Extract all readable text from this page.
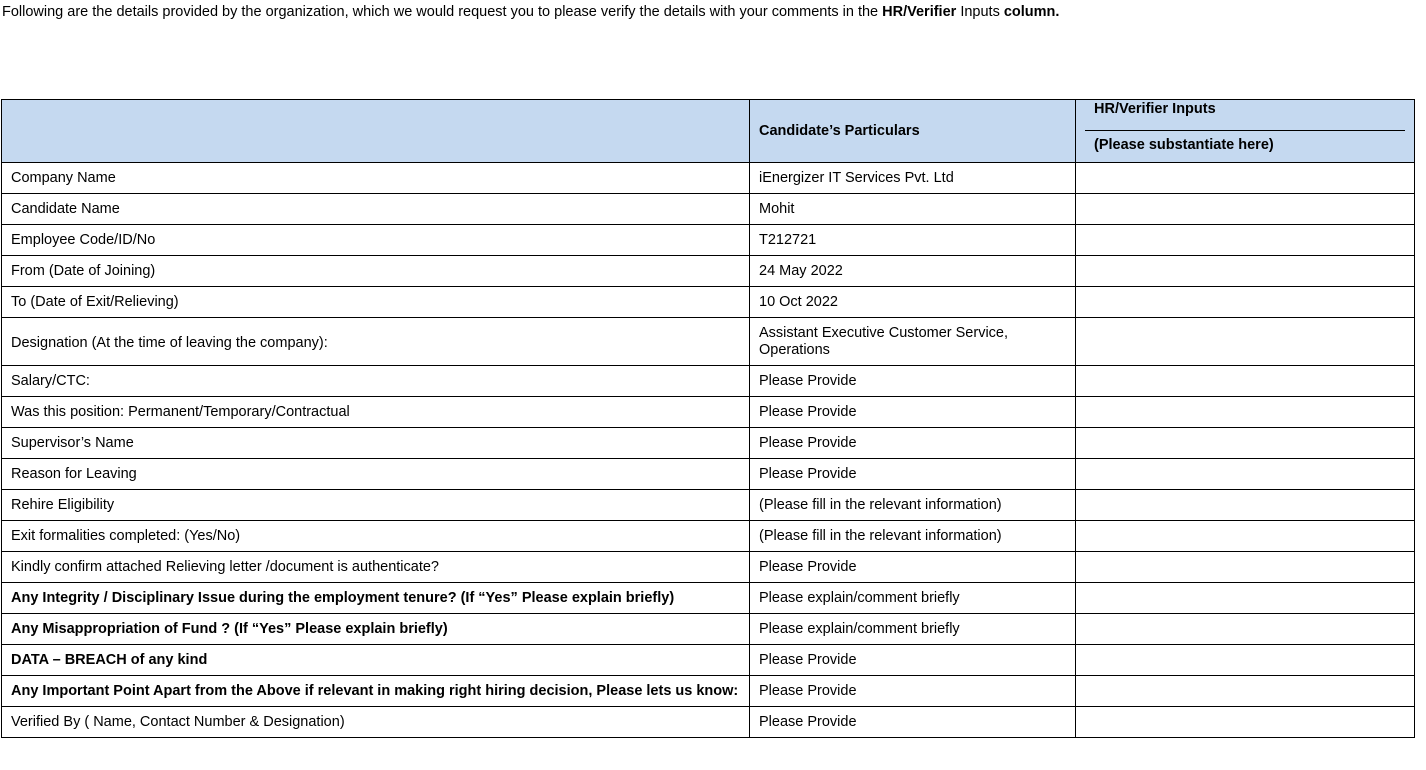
Following are the details provided by the organization, which we would request you to please verify the details with your comments in the HR/Verifier Inputs column.
	Candidate’s Particulars	HR/Verifier Inputs
(Please substantiate here)

Company Name	iEnergizer IT Services Pvt. Ltd	
Candidate Name	Mohit	
Employee Code/ID/No	T212721	
From (Date of Joining)	24 May 2022	
To (Date of Exit/Relieving)	10 Oct 2022	
Designation (At the time of leaving the company):	Assistant Executive Customer Service, Operations	
Salary/CTC:	Please Provide	
Was this position: Permanent/Temporary/Contractual	Please Provide	
Supervisor’s Name	Please Provide	
Reason for Leaving	Please Provide	
Rehire Eligibility	(Please fill in the relevant information)	
Exit formalities completed: (Yes/No)	(Please fill in the relevant information)	
Kindly confirm attached Relieving letter /document is authenticate?	Please Provide	
Any Integrity / Disciplinary Issue during the employment tenure? (If “Yes” Please explain briefly)	Please explain/comment briefly	
Any Misappropriation of Fund ? (If “Yes” Please explain briefly)	Please explain/comment briefly	
DATA – BREACH of any kind	Please Provide	
Any Important Point Apart from the Above if relevant in making right hiring decision, Please lets us know:	Please Provide	
Verified By ( Name, Contact Number & Designation)	Please Provide	
